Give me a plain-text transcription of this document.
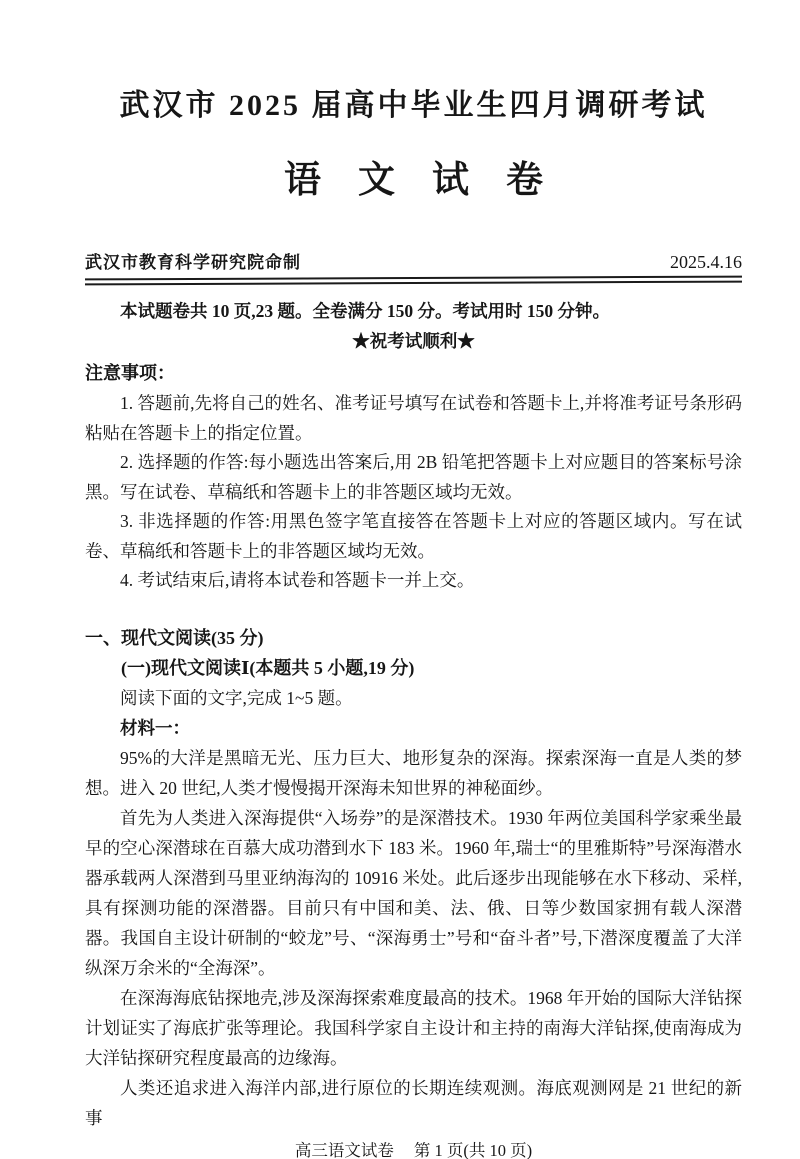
武汉市 2025 届高中毕业生四月调研考试
语　文　试　卷
武汉市教育科学研究院命制	2025.4.16

本试题卷共 10 页,23 题。全卷满分 150 分。考试用时 150 分钟。

★祝考试顺利★

注意事项：

1. 答题前,先将自己的姓名、准考证号填写在试卷和答题卡上,并将准考证号条形码粘贴在答题卡上的指定位置。

2. 选择题的作答:每小题选出答案后,用 2B 铅笔把答题卡上对应题目的答案标号涂黑。写在试卷、草稿纸和答题卡上的非答题区域均无效。

3. 非选择题的作答:用黑色签字笔直接答在答题卡上对应的答题区域内。写在试卷、草稿纸和答题卡上的非答题区域均无效。

4. 考试结束后,请将本试卷和答题卡一并上交。

一、现代文阅读(35 分)

(一)现代文阅读Ⅰ(本题共 5 小题,19 分)

阅读下面的文字,完成 1~5 题。

材料一：

95%的大洋是黑暗无光、压力巨大、地形复杂的深海。探索深海一直是人类的梦想。进入 20 世纪,人类才慢慢揭开深海未知世界的神秘面纱。

首先为人类进入深海提供“入场券”的是深潜技术。1930 年两位美国科学家乘坐最早的空心深潜球在百慕大成功潜到水下 183 米。1960 年,瑞士“的里雅斯特”号深海潜水器承载两人深潜到马里亚纳海沟的 10916 米处。此后逐步出现能够在水下移动、采样,具有探测功能的深潜器。目前只有中国和美、法、俄、日等少数国家拥有载人深潜器。我国自主设计研制的“蛟龙”号、“深海勇士”号和“奋斗者”号,下潜深度覆盖了大洋纵深万余米的“全海深”。

在深海海底钻探地壳,涉及深海探索难度最高的技术。1968 年开始的国际大洋钻探计划证实了海底扩张等理论。我国科学家自主设计和主持的南海大洋钻探,使南海成为大洋钻探研究程度最高的边缘海。

人类还追求进入海洋内部,进行原位的长期连续观测。海底观测网是 21 世纪的新事

高三语文试卷 第 1 页(共 10 页)
